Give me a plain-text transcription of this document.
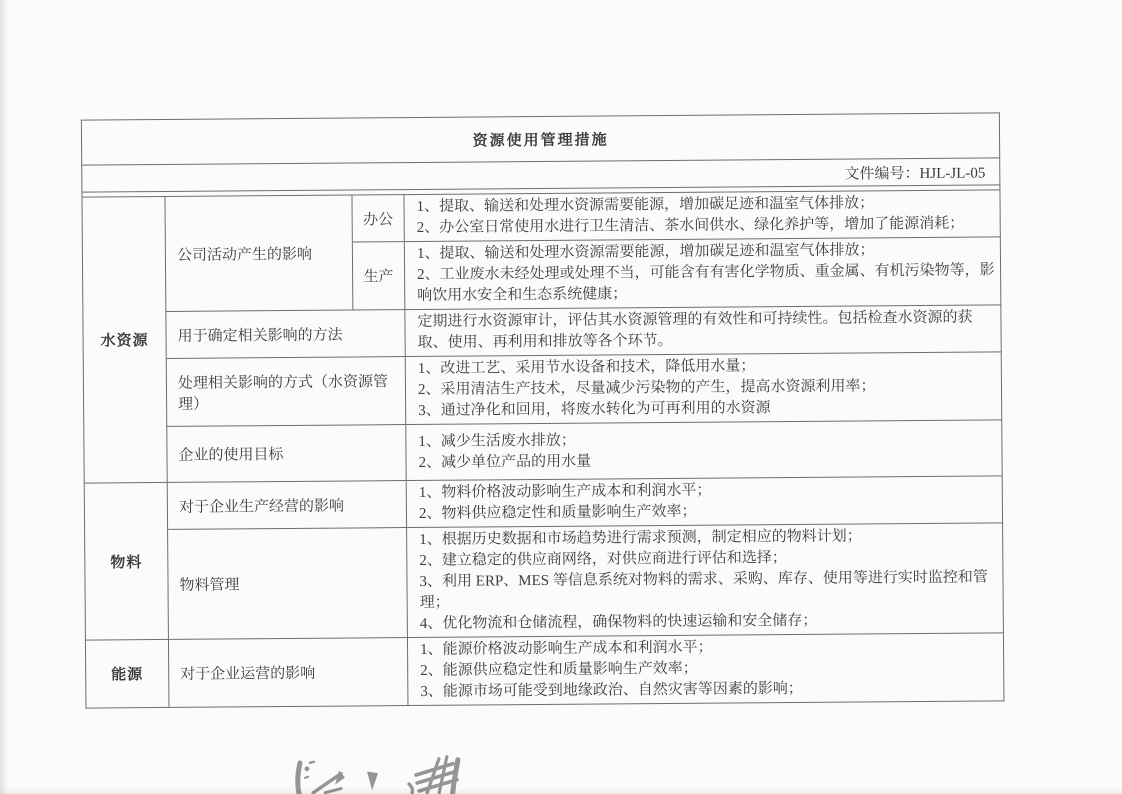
资源使用管理措施			
文件编号：HJL-JL-05			

水资源	公司活动产生的影响	办公	1、提取、输送和处理水资源需要能源，增加碳足迹和温室气体排放；
2、办公室日常使用水进行卫生清洁、茶水间供水、绿化养护等，增加了能源消耗；

		生产	1、提取、输送和处理水资源需要能源，增加碳足迹和温室气体排放；
2、工业废水未经处理或处理不当，可能含有有害化学物质、重金属、有机污染物等，影响饮用水安全和生态系统健康；

	用于确定相关影响的方法		定期进行水资源审计，评估其水资源管理的有效性和可持续性。包括检查水资源的获取、使用、再利用和排放等各个环节。

	处理相关影响的方式（水资源管理）		1、改进工艺、采用节水设备和技术，降低用水量；
2、采用清洁生产技术，尽量减少污染物的产生，提高水资源利用率；
3、通过净化和回用，将废水转化为可再利用的水资源

	企业的使用目标		1、减少生活废水排放；
2、减少单位产品的用水量

物料	对于企业生产经营的影响		1、物料价格波动影响生产成本和利润水平；
2、物料供应稳定性和质量影响生产效率；

	物料管理		1、根据历史数据和市场趋势进行需求预测，制定相应的物料计划；
2、建立稳定的供应商网络，对供应商进行评估和选择；
3、利用 ERP、MES 等信息系统对物料的需求、采购、库存、使用等进行实时监控和管理；
4、优化物流和仓储流程，确保物料的快速运输和安全储存；

能源	对于企业运营的影响		1、能源价格波动影响生产成本和利润水平；
2、能源供应稳定性和质量影响生产效率；
3、能源市场可能受到地缘政治、自然灾害等因素的影响；
